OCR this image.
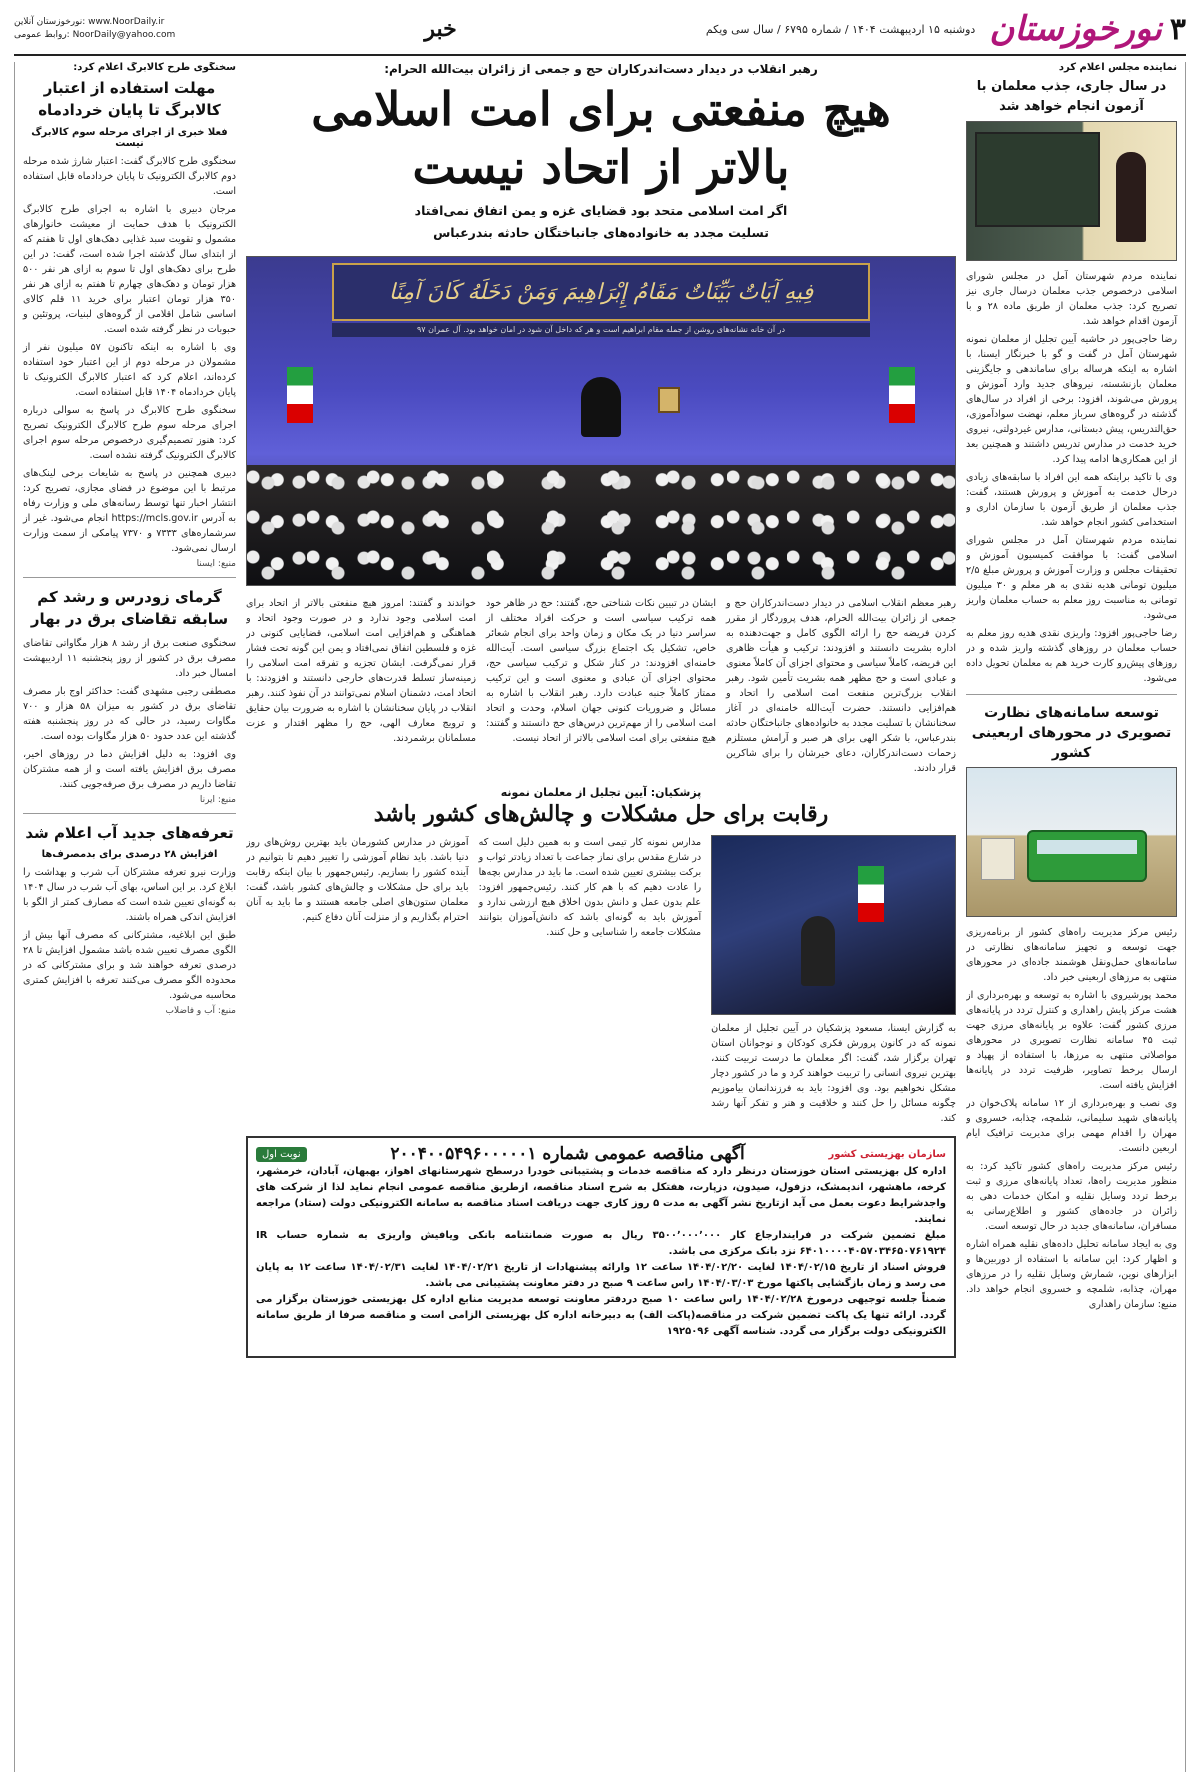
۳
نورخوزستان
دوشنبه ۱۵ اردیبهشت ۱۴۰۴ / شماره ۶۷۹۵ / سال سی ویکم
خبر
نورخوزستان آنلاین: www.NoorDaily.ir
روابط عمومی: NoorDaily@yahoo.com
نماینده مجلس اعلام کرد
در سال جاری، جذب معلمان با آزمون انجام خواهد شد

نماینده مردم شهرستان آمل در مجلس شورای اسلامی درخصوص جذب معلمان درسال جاری نیز تصریح کرد: جذب معلمان از طریق ماده ۲۸ و با آزمون اقدام خواهد شد.

رضا حاجی‌پور در حاشیه آیین تجلیل از معلمان نمونه شهرستان آمل در گفت و گو با خبرنگار ایسنا، با اشاره به اینکه هرساله برای ساماندهی و جایگزینی معلمان بازنشسته، نیروهای جدید وارد آموزش و پرورش می‌شوند، افزود: برخی از افراد در سال‌های گذشته در گروه‌های سرباز معلم، نهضت سوادآموزی، حق‌التدریس، پیش دبستانی، مدارس غیردولتی، نیروی خرید خدمت در مدارس تدریس داشتند و همچنین بعد از این همکاری‌ها ادامه پیدا کرد.

وی با تاکید براینکه همه این افراد با سابقه‌های زیادی درحال خدمت به آموزش و پرورش هستند، گفت: جذب معلمان از طریق آزمون با سازمان اداری و استخدامی کشور انجام خواهد شد.

نماینده مردم شهرستان آمل در مجلس شورای اسلامی گفت: با موافقت کمیسیون آموزش و تحقیقات مجلس و وزارت آموزش و پرورش مبلغ ۲/۵ میلیون تومانی هدیه نقدی به هر معلم و ۳۰ میلیون تومانی به مناسبت روز معلم به حساب معلمان واریز می‌شود.

رضا حاجی‌پور افزود: واریزی نقدی هدیه روز معلم به حساب معلمان در روزهای گذشته واریز شده و در روزهای پیش‌رو کارت خرید هم به معلمان تحویل داده می‌شود.

توسعه سامانه‌های نظارت تصویری در محورهای اربعینی کشور

رئیس مرکز مدیریت راه‌های کشور از برنامه‌ریزی جهت توسعه و تجهیز سامانه‌های نظارتی در سامانه‌های حمل‌ونقل هوشمند جاده‌ای در محورهای منتهی به مرزهای اربعینی خبر داد.

محمد پورشیروی با اشاره به توسعه و بهره‌برداری از هشت مرکز پایش راهداری و کنترل تردد در پایانه‌های مرزی کشور گفت: علاوه بر پایانه‌های مرزی جهت ثبت ۴۵ سامانه نظارت تصویری در محورهای مواصلاتی منتهی به مرزها، با استفاده از پهپاد و ارسال برخط تصاویر، ظرفیت تردد در پایانه‌ها افزایش یافته است.

وی نصب و بهره‌برداری از ۱۲ سامانه پلاک‌خوان در پایانه‌های شهید سلیمانی، شلمچه، چذابه، خسروی و مهران را اقدام مهمی برای مدیریت ترافیک ایام اربعین دانست.

رئیس مرکز مدیریت راه‌های کشور تاکید کرد: به منظور مدیریت راه‌ها، تعداد پایانه‌های مرزی و ثبت برخط تردد وسایل نقلیه و امکان خدمات دهی به زائران در جاده‌های کشور و اطلاع‌رسانی به مسافران، سامانه‌های جدید در حال توسعه است.

وی به ایجاد سامانه تحلیل داده‌های نقلیه همراه اشاره و اظهار کرد: این سامانه با استفاده از دوربین‌ها و ابزارهای نوین، شمارش وسایل نقلیه را در مرزهای مهران، چذابه، شلمچه و خسروی انجام خواهد داد. منبع: سازمان راهداری

رهبر انقلاب در دیدار دست‌اندرکاران حج و جمعی از زائران بیت‌الله الحرام:
هیچ منفعتی برای امت اسلامی
بالاتر از اتحاد نیست
اگر امت اسلامی متحد بود قضایای غزه و یمن اتفاق نمی‌افتاد
تسلیت مجدد به خانواده‌های جانباختگان حادثه بندرعباس
فِیهِ آیَاتٌ بَیِّنَاتٌ مَقَامُ إِبْرَاهِیمَ وَمَنْ دَخَلَهُ کَانَ آمِنًا
در آن خانه نشانه‌های روشن از جمله مقام ابراهیم است و هر که داخل آن شود در امان خواهد بود. آل عمران ۹۷
رهبر معظم انقلاب اسلامی در دیدار دست‌اندرکاران حج و جمعی از زائران بیت‌الله الحرام، هدف پروردگار از مقرر کردن فریضه حج را ارائه الگوی کامل و جهت‌دهنده به اداره بشریت دانستند و افزودند: ترکیب و هیأت ظاهری این فریضه، کاملاً سیاسی و محتوای اجزای آن کاملاً معنوی و عبادی است و حج مظهر همه بشریت تأمین شود. رهبر انقلاب بزرگ‌ترین منفعت امت اسلامی را اتحاد و هم‌افزایی دانستند. حضرت آیت‌الله خامنه‌ای در آغاز سخنانشان با تسلیت مجدد به خانواده‌های جانباختگان حادثه بندرعباس، با شکر الهی برای هر صبر و آرامش مستلزم زحمات دست‌اندرکاران، دعای خیرشان را برای شاکرین قرار دادند.
ایشان در تبیین نکات شناختی حج، گفتند: حج در ظاهر خود همه ترکیب سیاسی است و حرکت افراد مختلف از سراسر دنیا در یک مکان و زمان واحد برای انجام شعائر خاص، تشکیل یک اجتماع بزرگ سیاسی است. آیت‌الله خامنه‌ای افزودند: در کنار شکل و ترکیب سیاسی حج، محتوای اجزای آن عبادی و معنوی است و این ترکیب ممتاز کاملاً جنبه عبادت دارد. رهبر انقلاب با اشاره به مسائل و ضروریات کنونی جهان اسلام، وحدت و اتحاد امت اسلامی را از مهم‌ترین درس‌های حج دانستند و گفتند: هیچ منفعتی برای امت اسلامی بالاتر از اتحاد نیست.
خواندند و گفتند: امروز هیچ منفعتی بالاتر از اتحاد برای امت اسلامی وجود ندارد و در صورت وجود اتحاد و هماهنگی و هم‌افزایی امت اسلامی، قضایایی کنونی در غزه و فلسطین اتفاق نمی‌افتاد و یمن این گونه تحت فشار قرار نمی‌گرفت. ایشان تجزیه و تفرقه امت اسلامی را زمینه‌ساز تسلط قدرت‌های خارجی دانستند و افزودند: با اتحاد امت، دشمنان اسلام نمی‌توانند در آن نفوذ کنند. رهبر انقلاب در پایان سخنانشان با اشاره به ضرورت بیان حقایق و ترویج معارف الهی، حج را مظهر اقتدار و عزت مسلمانان برشمردند.
پزشکیان: آیین تجلیل از معلمان نمونه
رقابت برای حل مشکلات و چالش‌های کشور باشد
به گزارش ایسنا، مسعود پزشکیان در آیین تجلیل از معلمان نمونه که در کانون پرورش فکری کودکان و نوجوانان استان تهران برگزار شد، گفت: اگر معلمان ما درست تربیت کنند، بهترین نیروی انسانی را تربیت خواهند کرد و ما در کشور دچار مشکل نخواهیم بود. وی افزود: باید به فرزندانمان بیاموزیم چگونه مسائل را حل کنند و خلاقیت و هنر و تفکر آنها رشد کند.
مدارس نمونه کار تیمی است و به همین دلیل است که در شارع مقدس برای نماز جماعت با تعداد زیادتر ثواب و برکت بیشتری تعیین شده است. ما باید در مدارس بچه‌ها را عادت دهیم که با هم کار کنند. رئیس‌جمهور افزود: علم بدون عمل و دانش بدون اخلاق هیچ ارزشی ندارد و آموزش باید به گونه‌ای باشد که دانش‌آموزان بتوانند مشکلات جامعه را شناسایی و حل کنند.
آموزش در مدارس کشورمان باید بهترین روش‌های روز دنیا باشد. باید نظام آموزشی را تغییر دهیم تا بتوانیم در آینده کشور را بسازیم. رئیس‌جمهور با بیان اینکه رقابت باید برای حل مشکلات و چالش‌های کشور باشد، گفت: معلمان ستون‌های اصلی جامعه هستند و ما باید به آنان احترام بگذاریم و از منزلت آنان دفاع کنیم.
سازمان بهزیستی کشور
آگهی مناقصه عمومی شماره ۲۰۰۴۰۰۵۴۹۶۰۰۰۰۰۱
نوبت اول

اداره کل بهزیستی استان خوزستان درنظر دارد که مناقصه خدمات و پشتیبانی خودرا درسطح شهرستانهای اهواز، بهبهان، آبادان، خرمشهر، کرخه، ماهشهر، اندیمشک، دزفول، صیدون، دزپارت، هفتکل به شرح اسناد مناقصه، ازطریق مناقصه عمومی انجام نماید لذا از شرکت های واجدشرایط دعوت بعمل می آید ازتاریخ نشر آگهی به مدت ۵ روز کاری جهت دریافت اسناد مناقصه به سامانه الکترونیکی دولت (ستاد) مراجعه نمایند.

مبلغ تضمین شرکت در فرایندارجاع کار ۳۵۰۰٬۰۰۰٬۰۰۰ ریال به صورت ضمانتنامه بانکی ویافیش واریزی به شماره حساب IR ۶۴۰۱۰۰۰۰۴۰۵۷۰۳۴۶۵۰۷۶۱۹۲۴ نزد بانک مرکزی می باشد.

فروش اسناد از تاریخ ۱۴۰۴/۰۲/۱۵ لغایت ۱۴۰۴/۰۲/۲۰ ساعت ۱۲ وارائه پیشنهادات از تاریخ ۱۴۰۴/۰۲/۲۱ لغایت ۱۴۰۴/۰۲/۳۱ ساعت ۱۲ به پایان می رسد و زمان بازگشایی پاکتها مورخ ۱۴۰۴/۰۳/۰۳ راس ساعت ۹ صبح در دفتر معاونت پشتیبانی می باشد.

ضمناً جلسه توجیهی درمورخ ۱۴۰۴/۰۲/۲۸ راس ساعت ۱۰ صبح دردفتر معاونت توسعه مدیریت منابع اداره کل بهزیستی خوزستان برگزار می گردد. ارائه تنها یک پاکت تضمین شرکت در مناقصه(پاکت الف) به دبیرخانه اداره کل بهزیستی الزامی است و مناقصه صرفا از طریق سامانه الکترونیکی دولت برگزار می گردد. شناسه آگهی ۱۹۲۵۰۹۶

سخنگوی طرح کالابرگ اعلام کرد:
مهلت استفاده از اعتبار کالابرگ تا پایان خردادماه
فعلا خبری از اجرای مرحله سوم کالابرگ نیست

سخنگوی طرح کالابرگ گفت: اعتبار شارژ شده مرحله دوم کالابرگ الکترونیک تا پایان خردادماه قابل استفاده است.

مرجان دبیری با اشاره به اجرای طرح کالابرگ الکترونیک با هدف حمایت از معیشت خانوارهای مشمول و تقویت سبد غذایی دهک‌های اول تا هفتم که از ابتدای سال گذشته اجرا شده است، گفت: در این طرح برای دهک‌های اول تا سوم به ازای هر نفر ۵۰۰ هزار تومان و دهک‌های چهارم تا هفتم به ازای هر نفر ۳۵۰ هزار تومان اعتبار برای خرید ۱۱ قلم کالای اساسی شامل اقلامی از گروه‌های لبنیات، پروتئین و حبوبات در نظر گرفته شده است.

وی با اشاره به اینکه تاکنون ۵۷ میلیون نفر از مشمولان در مرحله دوم از این اعتبار خود استفاده کرده‌اند، اعلام کرد که اعتبار کالابرگ الکترونیک تا پایان خردادماه ۱۴۰۴ قابل استفاده است.

سخنگوی طرح کالابرگ در پاسخ به سوالی درباره اجرای مرحله سوم طرح کالابرگ الکترونیک تصریح کرد: هنوز تصمیم‌گیری درخصوص مرحله سوم اجرای کالابرگ الکترونیک گرفته نشده است.

دبیری همچنین در پاسخ به شایعات برخی لینک‌های مرتبط با این موضوع در فضای مجازی، تصریح کرد: انتشار اخبار تنها توسط رسانه‌های ملی و وزارت رفاه به آدرس https://mcls.gov.ir انجام می‌شود. غیر از سرشماره‌های ۷۳۳۳ و ۷۳۷۰ پیامکی از سمت وزارت ارسال نمی‌شود.

منبع: ایسنا
گرمای زودرس و رشد کم سابقه تقاضای برق در بهار

سخنگوی صنعت برق از رشد ۸ هزار مگاواتی تقاضای مصرف برق در کشور از روز پنجشنبه ۱۱ اردیبهشت امسال خبر داد.

مصطفی رجبی مشهدی گفت: حداکثر اوج بار مصرف تقاضای برق در کشور به میزان ۵۸ هزار و ۷۰۰ مگاوات رسید، در حالی که در روز پنجشنبه هفته گذشته این عدد حدود ۵۰ هزار مگاوات بوده است.

وی افزود: به دلیل افزایش دما در روزهای اخیر، مصرف برق افزایش یافته است و از همه مشترکان تقاضا داریم در مصرف برق صرفه‌جویی کنند.

منبع: ایرنا
تعرفه‌های جدید آب اعلام شد
افزایش ۲۸ درصدی برای بدمصرف‌ها

وزارت نیرو تعرفه مشترکان آب شرب و بهداشت را ابلاغ کرد. بر این اساس، بهای آب شرب در سال ۱۴۰۴ به گونه‌ای تعیین شده است که مصارف کمتر از الگو با افزایش اندکی همراه باشند.

طبق این ابلاغیه، مشترکانی که مصرف آنها بیش از الگوی مصرف تعیین شده باشد مشمول افزایش تا ۲۸ درصدی تعرفه خواهند شد و برای مشترکانی که در محدوده الگو مصرف می‌کنند تعرفه با افزایش کمتری محاسبه می‌شود.

منبع: آب و فاضلاب
